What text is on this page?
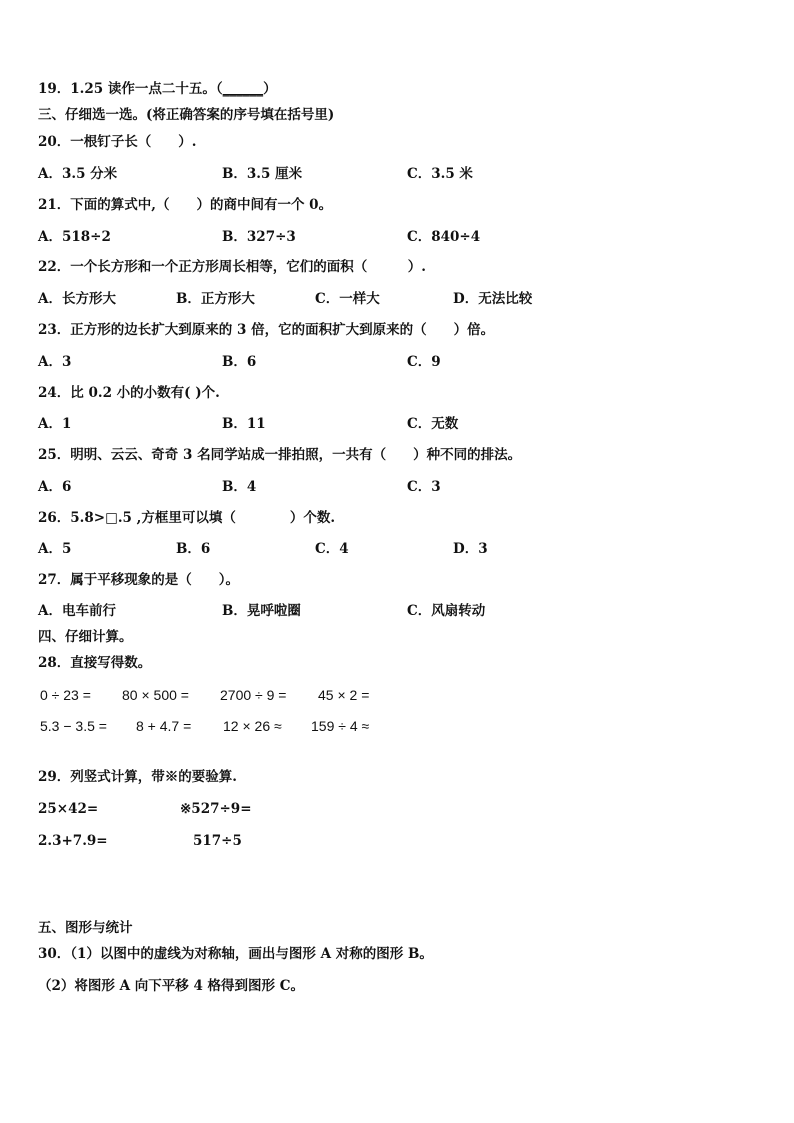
19．1.25 读作一点二十五。（______）
三、仔细选一选。(将正确答案的序号填在括号里)
20．一根钉子长（　　）.
A．3.5 分米	B．3.5 厘米	C．3.5 米
21．下面的算式中,（　　）的商中间有一个 0。
A．518÷2	B．327÷3	C．840÷4
22．一个长方形和一个正方形周长相等，它们的面积（　　　）.
A．长方形大	B．正方形大	C．一样大	D．无法比较
23．正方形的边长扩大到原来的 3 倍，它的面积扩大到原来的（　　）倍。
A．3	B．6	C．9
24．比 0.2 小的小数有( )个.
A．1	B．11	C．无数
25．明明、云云、奇奇 3 名同学站成一排拍照，一共有（　　）种不同的排法。
A．6	B．4	C．3
26．5.8>□.5 ,方框里可以填（　　　　）个数.
A．5	B．6	C．4	D．3
27．属于平移现象的是（　　）。
A．电车前行	B．晃呼啦圈	C．风扇转动
四、仔细计算。
28．直接写得数。
0 ÷ 23 = 80 × 500 = 2700 ÷ 9 = 45 × 2 =
5.3 − 3.5 = 8 + 4.7 = 12 × 26 ≈ 159 ÷ 4 ≈
29．列竖式计算，带※的要验算.
25×42=	※527÷9=
2.3+7.9=	517÷5
五、图形与统计
30．（1）以图中的虚线为对称轴，画出与图形 A 对称的图形 B。
（2）将图形 A 向下平移 4 格得到图形 C。
